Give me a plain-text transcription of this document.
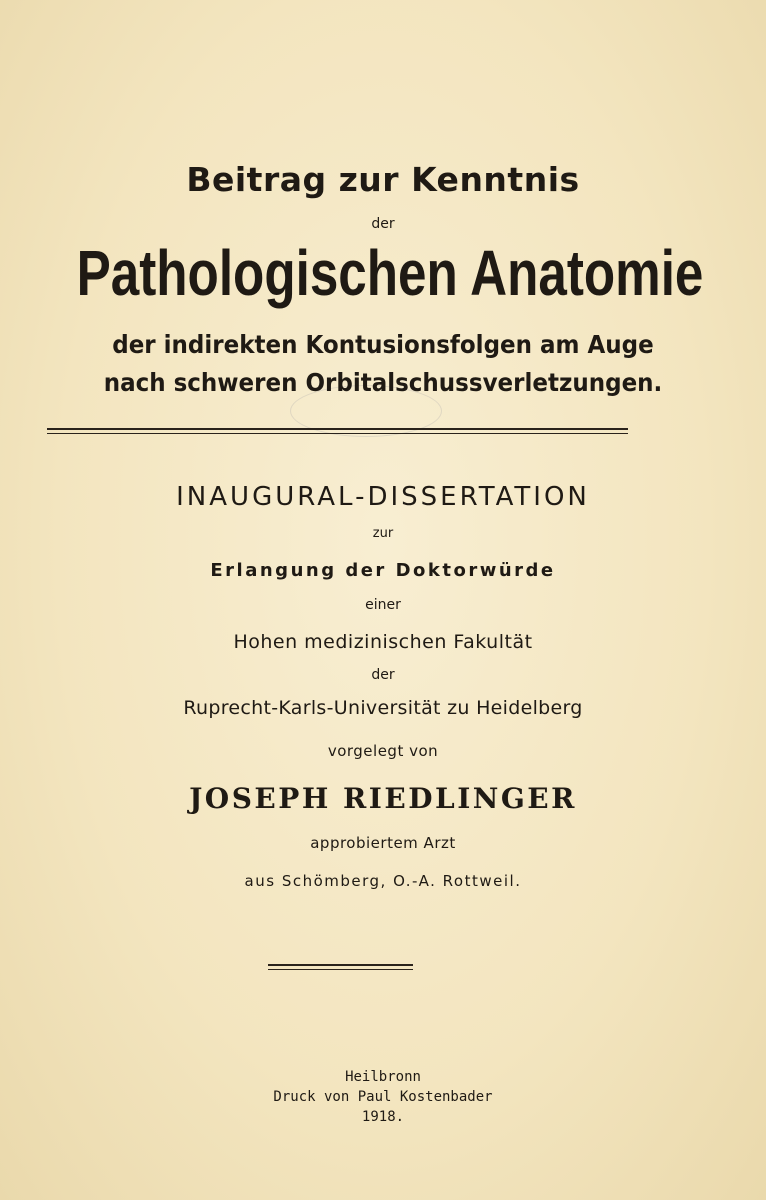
Beitrag zur Kenntnis
der
Pathologischen Anatomie
der indirekten Kontusionsfolgen am Auge
nach schweren Orbitalschussverletzungen.
INAUGURAL-DISSERTATION
zur
Erlangung der Doktorwürde
einer
Hohen medizinischen Fakultät
der
Ruprecht-Karls-Universität zu Heidelberg
vorgelegt von
JOSEPH RIEDLINGER
approbiertem Arzt
aus Schömberg, O.-A. Rottweil.
Heilbronn
Druck von Paul Kostenbader
1918.
